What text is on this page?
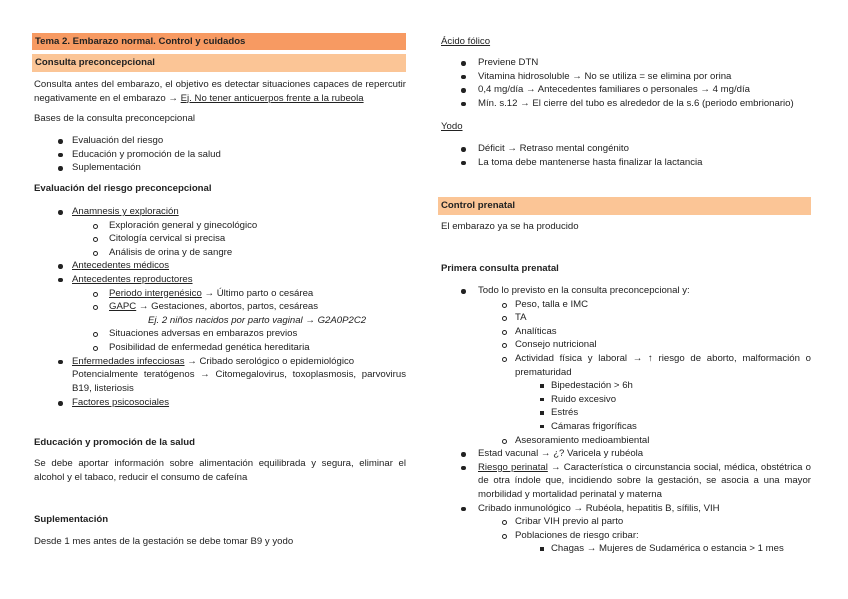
Tema 2. Embarazo normal. Control y cuidados
Consulta preconcepcional
Consulta antes del embarazo, el objetivo es detectar situaciones capaces de repercutir negativamente en el embarazo → Ej. No tener anticuerpos frente a la rubeola
Bases de la consulta preconcepcional
Evaluación del riesgo
Educación y promoción de la salud
Suplementación
Evaluación del riesgo preconcepcional
Anamnesis y exploración
Exploración general y ginecológico
Citología cervical si precisa
Análisis de orina y de sangre
Antecedentes médicos
Antecedentes reproductores
Periodo intergenésico → Último parto o cesárea
GAPC → Gestaciones, abortos, partos, cesáreas
Ej. 2 niños nacidos por parto vaginal → G2A0P2C2
Situaciones adversas en embarazos previos
Posibilidad de enfermedad genética hereditaria
Enfermedades infecciosas → Cribado serológico o epidemiológico
Potencialmente teratógenos → Citomegalovirus, toxoplasmosis, parvovirus B19, listeriosis
Factores psicosociales
Educación y promoción de la salud
Se debe aportar información sobre alimentación equilibrada y segura, eliminar el alcohol y el tabaco, reducir el consumo de cafeína
Suplementación
Desde 1 mes antes de la gestación se debe tomar B9 y yodo
Ácido fólico
Previene DTN
Vitamina hidrosoluble → No se utiliza = se elimina por orina
0,4 mg/día → Antecedentes familiares o personales → 4 mg/día
Mín. s.12 → El cierre del tubo es alrededor de la s.6 (periodo embrionario)
Yodo
Déficit → Retraso mental congénito
La toma debe mantenerse hasta finalizar la lactancia
Control prenatal
El embarazo ya se ha producido
Primera consulta prenatal
Todo lo previsto en la consulta preconcepcional y:
Peso, talla e IMC
TA
Analíticas
Consejo nutricional
Actividad física y laboral → ↑ riesgo de aborto, malformación o prematuridad
Bipedestación > 6h
Ruido excesivo
Estrés
Cámaras frigoríficas
Asesoramiento medioambiental
Estad vacunal → ¿? Varicela y rubéola
Riesgo perinatal → Característica o circunstancia social, médica, obstétrica o de otra índole que, incidiendo sobre la gestación, se asocia a una mayor morbilidad y mortalidad perinatal y materna
Cribado inmunológico → Rubéola, hepatitis B, sífilis, VIH
Cribar VIH previo al parto
Poblaciones de riesgo cribar:
Chagas → Mujeres de Sudamérica o estancia > 1 mes
